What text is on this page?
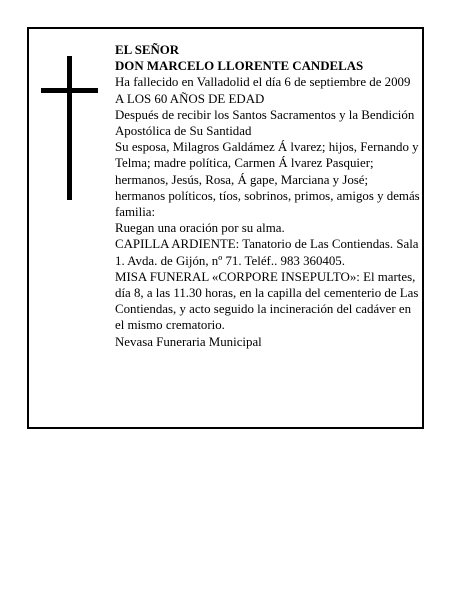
EL SEÑOR

DON MARCELO LLORENTE CANDELAS

Ha fallecido en Valladolid el día 6 de septiembre de 2009

A LOS 60 AÑOS DE EDAD

Después de recibir los Santos Sacramentos y la Bendición Apostólica de Su Santidad

Su esposa, Milagros Galdámez Á lvarez; hijos, Fernando y Telma; madre política, Carmen Á lvarez Pasquier; hermanos, Jesús, Rosa, Á gape, Marciana y José; hermanos políticos, tíos, sobrinos, primos, amigos y demás familia:

Ruegan una oración por su alma.

CAPILLA ARDIENTE: Tanatorio de Las Contiendas. Sala 1. Avda. de Gijón, nº 71. Teléf.. 983 360405.

MISA FUNERAL «CORPORE INSEPULTO»: El martes, día 8, a las 11.30 horas, en la capilla del cementerio de Las Contiendas, y acto seguido la incineración del cadáver en el mismo crematorio.

Nevasa Funeraria Municipal
